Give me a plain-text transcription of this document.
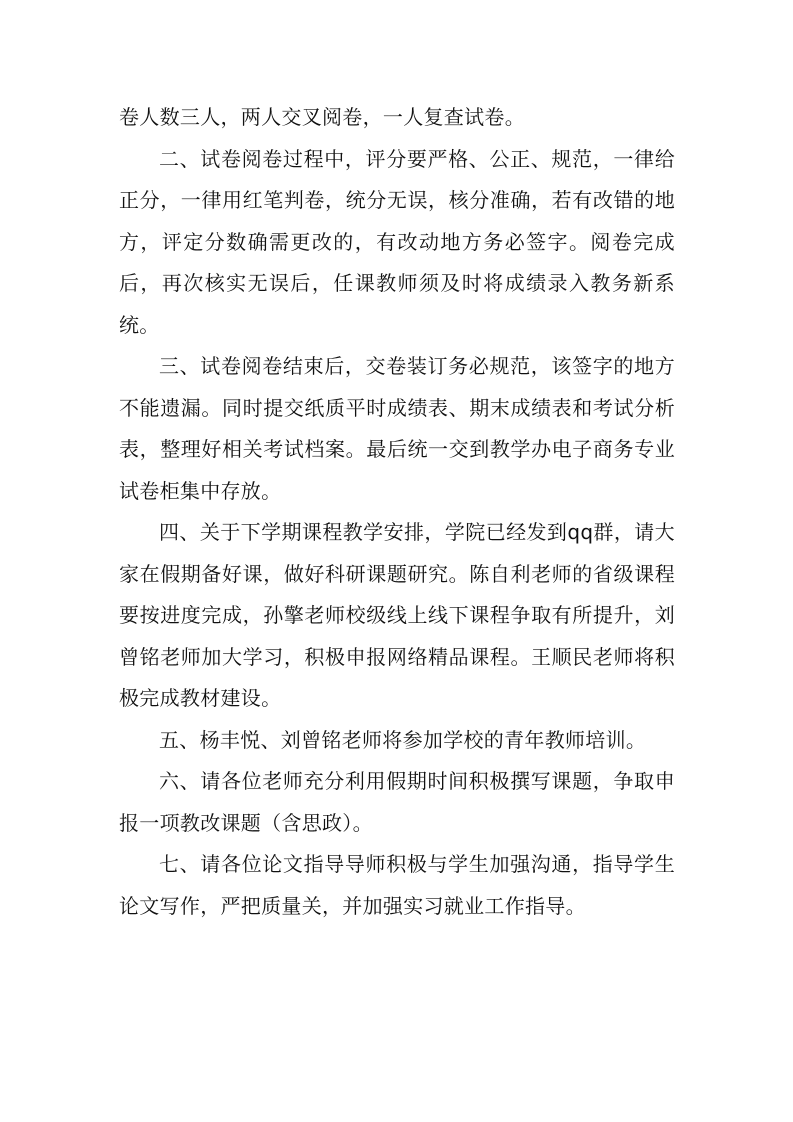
卷人数三人，两人交叉阅卷，一人复查试卷。

二、试卷阅卷过程中，评分要严格、公正、规范，一律给正分，一律用红笔判卷，统分无误，核分准确，若有改错的地方，评定分数确需更改的，有改动地方务必签字。阅卷完成后，再次核实无误后，任课教师须及时将成绩录入教务新系统。

三、试卷阅卷结束后，交卷装订务必规范，该签字的地方不能遗漏。同时提交纸质平时成绩表、期末成绩表和考试分析表，整理好相关考试档案。最后统一交到教学办电子商务专业试卷柜集中存放。

四、关于下学期课程教学安排，学院已经发到qq群，请大家在假期备好课，做好科研课题研究。陈自利老师的省级课程要按进度完成，孙擎老师校级线上线下课程争取有所提升，刘曾铭老师加大学习，积极申报网络精品课程。王顺民老师将积极完成教材建设。

五、杨丰悦、刘曾铭老师将参加学校的青年教师培训。

六、请各位老师充分利用假期时间积极撰写课题，争取申报一项教改课题（含思政）。

七、请各位论文指导导师积极与学生加强沟通，指导学生论文写作，严把质量关，并加强实习就业工作指导。
